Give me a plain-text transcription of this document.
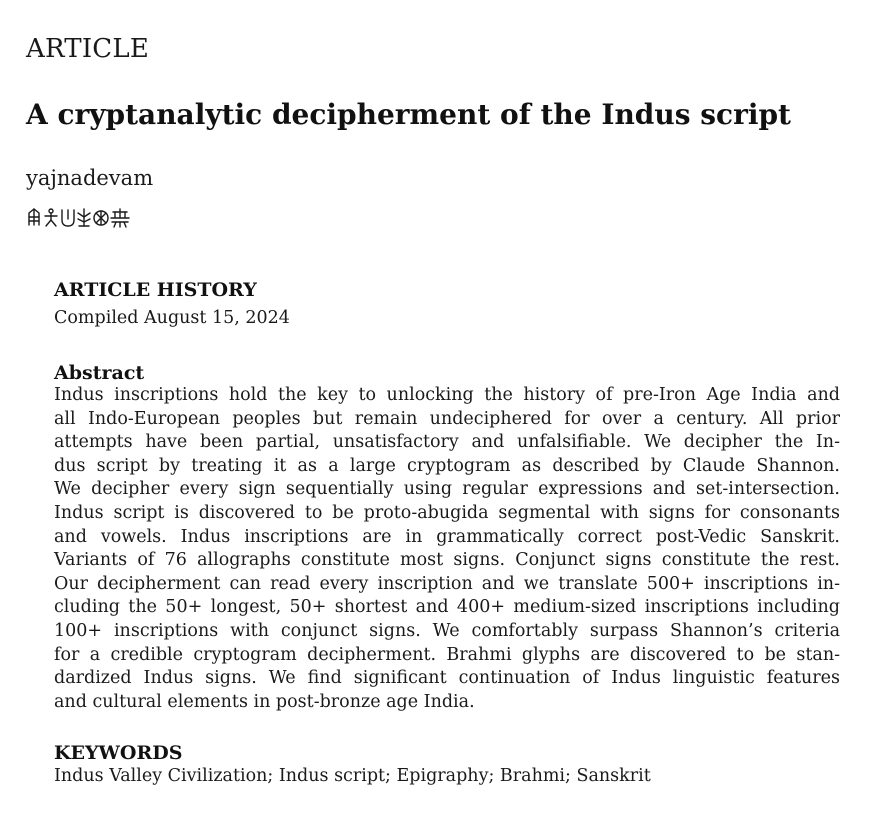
ARTICLE
A cryptanalytic decipherment of the Indus script
yajnadevam
ARTICLE HISTORY
Compiled August 15, 2024
Abstract
Indus inscriptions hold the key to unlocking the history of pre-Iron Age India and
all Indo-European peoples but remain undeciphered for over a century. All prior
attempts have been partial, unsatisfactory and unfalsifiable. We decipher the In-
dus script by treating it as a large cryptogram as described by Claude Shannon.
We decipher every sign sequentially using regular expressions and set-intersection.
Indus script is discovered to be proto-abugida segmental with signs for consonants
and vowels. Indus inscriptions are in grammatically correct post-Vedic Sanskrit.
Variants of 76 allographs constitute most signs. Conjunct signs constitute the rest.
Our decipherment can read every inscription and we translate 500+ inscriptions in-
cluding the 50+ longest, 50+ shortest and 400+ medium-sized inscriptions including
100+ inscriptions with conjunct signs. We comfortably surpass Shannon’s criteria
for a credible cryptogram decipherment. Brahmi glyphs are discovered to be stan-
dardized Indus signs. We find significant continuation of Indus linguistic features
and cultural elements in post-bronze age India.
KEYWORDS
Indus Valley Civilization; Indus script; Epigraphy; Brahmi; Sanskrit
